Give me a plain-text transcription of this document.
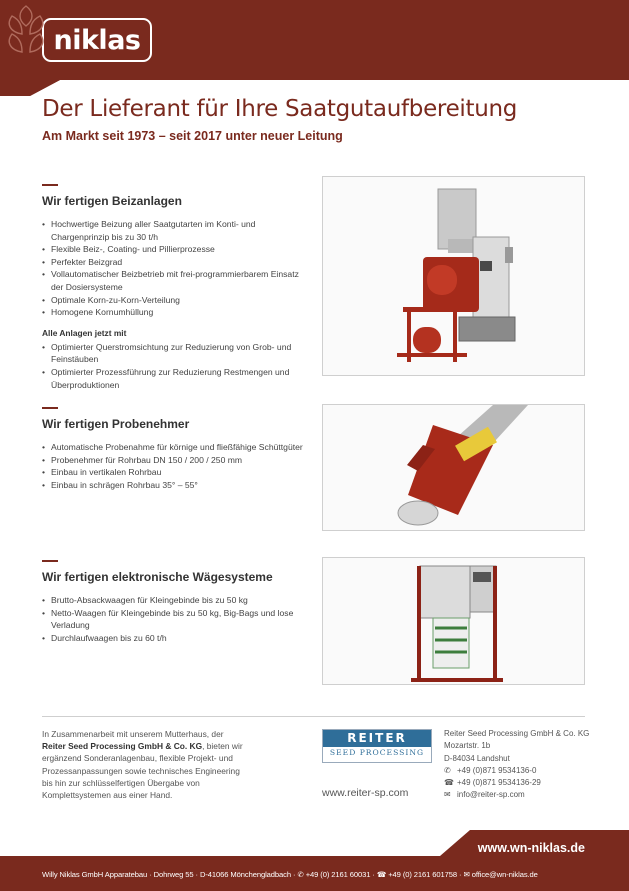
niklas
Der Lieferant für Ihre Saatgutaufbereitung
Am Markt seit 1973 – seit 2017 unter neuer Leitung
Wir fertigen Beizanlagen
• Hochwertige Beizung aller Saatgutarten im Konti- und Chargenprinzip bis zu 30 t/h
• Flexible Beiz-, Coating- und Pillierprozesse
• Perfekter Beizgrad
• Vollautomatischer Beizbetrieb mit frei-programmierbarem Einsatz der Dosiersysteme
• Optimale Korn-zu-Korn-Verteilung
• Homogene Kornumhüllung
Alle Anlagen jetzt mit
• Optimierter Querstromsichtung zur Reduzierung von Grob- und Feinstäuben
• Optimierter Prozessführung zur Reduzierung Restmengen und Überproduktionen
Wir fertigen Probenehmer
• Automatische Probenahme für körnige und fließfähige Schüttgüter
• Probenehmer für Rohrbau DN 150 / 200 / 250 mm
• Einbau in vertikalen Rohrbau
• Einbau in schrägen Rohrbau 35° – 55°
Wir fertigen elektronische Wägesysteme
• Brutto-Absackwaagen für Kleingebinde bis zu 50 kg
• Netto-Waagen für Kleingebinde bis zu 50 kg, Big-Bags und lose Verladung
• Durchlaufwaagen bis zu 60 t/h
In Zusammenarbeit mit unserem Mutterhaus, der
Reiter Seed Processing GmbH & Co. KG, bieten wir ergänzend Sonderanlagenbau, flexible Projekt- und Prozessanpassungen sowie technisches Engineering bis hin zur schlüsselfertigen Übergabe von Komplettsystemen aus einer Hand.
REITER
SEED PROCESSING
www.reiter-sp.com
Reiter Seed Processing GmbH & Co. KG
Mozartstr. 1b
D-84034 Landshut
✆ +49 (0)871 9534136-0
☎ +49 (0)871 9534136-29
✉ info@reiter-sp.com
www.wn-niklas.de
Willy Niklas GmbH Apparatebau · Dohrweg 55 · D-41066 Mönchengladbach · ✆ +49 (0) 2161 60031 · ☎ +49 (0) 2161 601758 · ✉ office@wn-niklas.de
